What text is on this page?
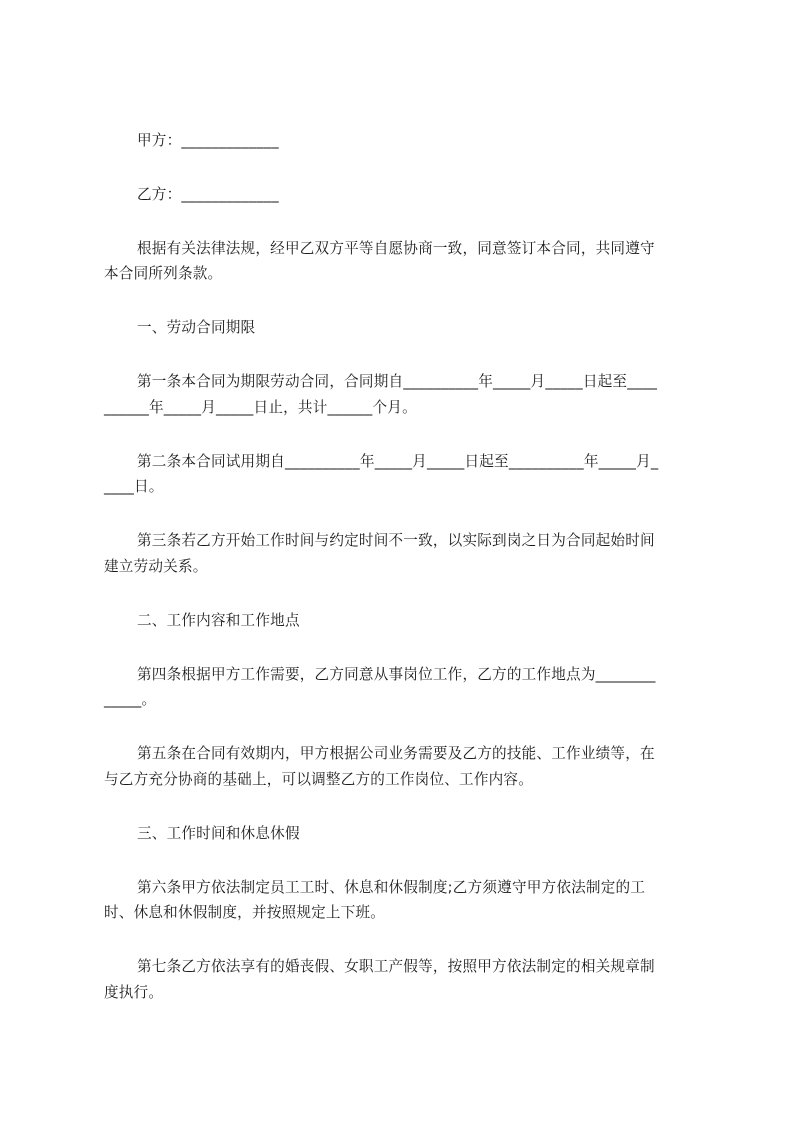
甲方：_____________
乙方：_____________
根据有关法律法规，经甲乙双方平等自愿协商一致，同意签订本合同，共同遵守
本合同所列条款。
一、劳动合同期限
第一条本合同为期限劳动合同，合同期自__________年_____月_____日起至____
______年_____月_____日止，共计______个月。
第二条本合同试用期自__________年_____月_____日起至__________年_____月_
____日。
第三条若乙方开始工作时间与约定时间不一致，以实际到岗之日为合同起始时间
建立劳动关系。
二、工作内容和工作地点
第四条根据甲方工作需要，乙方同意从事岗位工作，乙方的工作地点为________
_____。
第五条在合同有效期内，甲方根据公司业务需要及乙方的技能、工作业绩等，在
与乙方充分协商的基础上，可以调整乙方的工作岗位、工作内容。
三、工作时间和休息休假
第六条甲方依法制定员工工时、休息和休假制度;乙方须遵守甲方依法制定的工
时、休息和休假制度，并按照规定上下班。
第七条乙方依法享有的婚丧假、女职工产假等，按照甲方依法制定的相关规章制
度执行。
